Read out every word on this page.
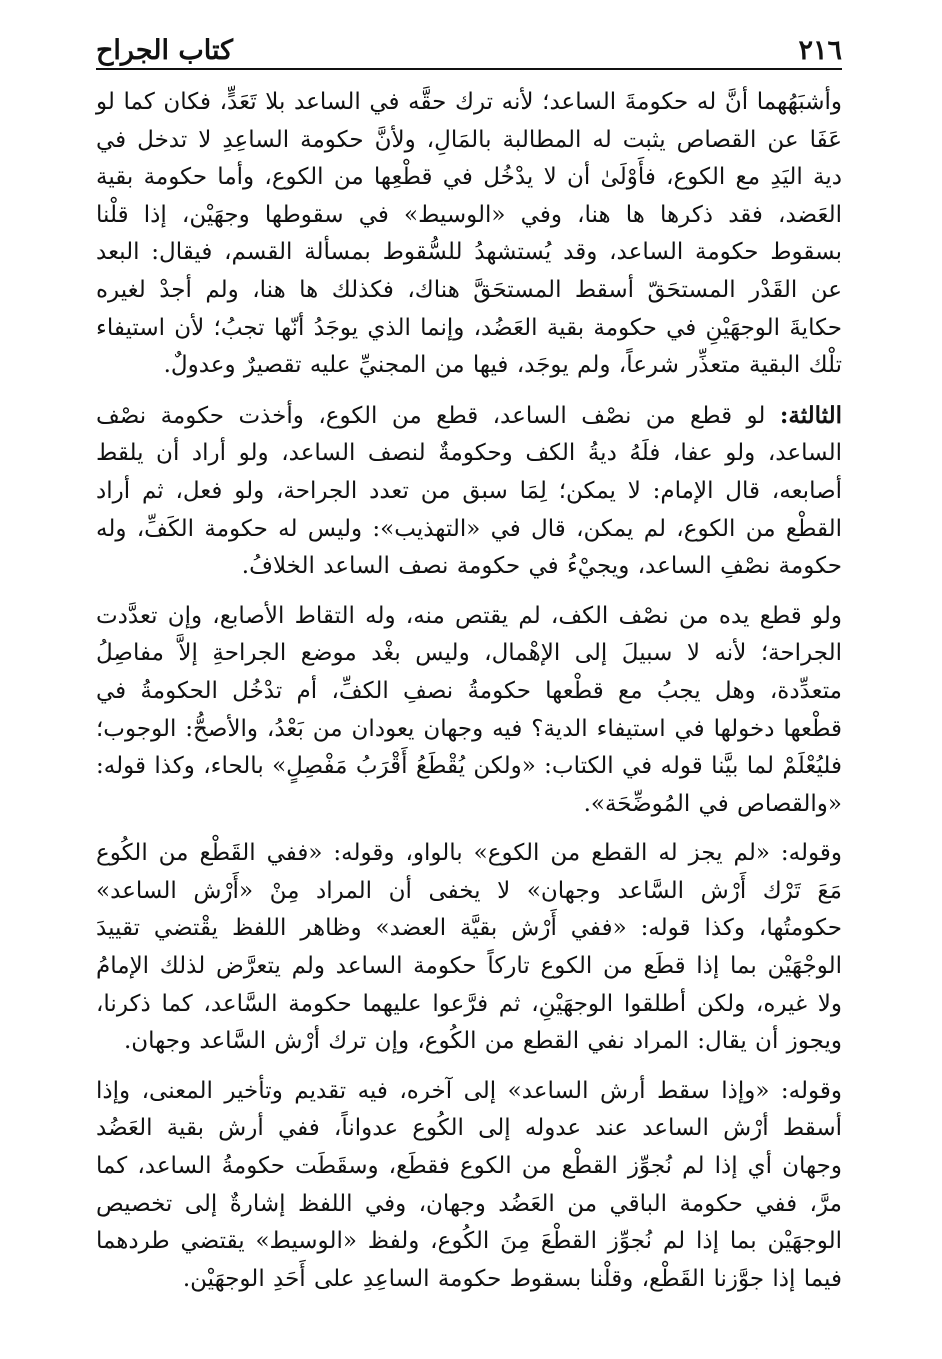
٢١٦
كتاب الجراح

وأشبَهُهما أنَّ له حكومةَ الساعد؛ لأنه ترك حقَّه في الساعد بلا تَعَدٍّ، فكان كما لو عَفَا عن القصاص يثبت له المطالبة بالمَالِ، ولأنَّ حكومة الساعِدِ لا تدخل في دية اليَدِ مع الكوع، فأَوْلَىٰ أن لا يدْخُل في قطْعِها من الكوع، وأما حكومة بقية العَضد، فقد ذكرها ها هنا، وفي «الوسيط» في سقوطها وجهَيْن، إذا قلْنا بسقوط حكومة الساعد، وقد يُستشهدُ للسُّقوط بمسألة القسم، فيقال: البعد عن القَدْر المستحَقّ أسقط المستحَقَّ هناك، فكذلك ها هنا، ولم أجدْ لغيره حكايةَ الوجهَيْنِ في حكومة بقية العَضُد، وإنما الذي يوجَدُ أنّها تجبُ؛ لأن استيفاء تلْك البقية متعذِّر شرعاً، ولم يوجَد، فيها من المجنيِّ عليه تقصيرٌ وعدولٌ.

الثالثة: لو قطع من نصْف الساعد، قطع من الكوع، وأخذت حكومة نصْف الساعد، ولو عفا، فلَهُ ديةُ الكف وحكومةٌ لنصف الساعد، ولو أراد أن يلقط أصابعه، قال الإمام: لا يمكن؛ لِمَا سبق من تعدد الجراحة، ولو فعل، ثم أراد القطْع من الكوع، لم يمكن، قال في «التهذيب»: وليس له حكومة الكَفِّ، وله حكومة نصْفِ الساعد، ويجيْءُ في حكومة نصف الساعد الخلافُ.

ولو قطع يده من نصْف الكف، لم يقتص منه، وله التقاط الأصابع، وإن تعدَّدت الجراحة؛ لأنه لا سبيلَ إلى الإهْمال، وليس بغْد موضع الجراحةِ إلاَّ مفاصِلُ متعدِّدة، وهل يجبُ مع قطْعها حكومةُ نصفِ الكفِّ، أم تدْخُل الحكومةُ في قطْعها دخولها في استيفاء الدية؟ فيه وجهان يعودان من بَعْدُ، والأصحُّ: الوجوب؛ فليُعْلَمْ لما بيَّنا قوله في الكتاب: «ولكن يُقْطَعُ أَقْرَبُ مَفْصِلٍ» بالحاء، وكذا قوله: «والقصاص في المُوضِّحَة».

وقوله: «لم يجز له القطع من الكوع» بالواو، وقوله: «ففي القَطْع من الكُوع مَعَ تَرْك أَرْش السَّاعد وجهان» لا يخفى أن المراد مِنْ «أَرْش الساعد» حكومتُها، وكذا قوله: «ففي أَرْش بقيَّة العضد» وظاهر اللفظ يقْتضي تقييدَ الوجْهَيْن بما إذا قطَع من الكوع تاركاً حكومة الساعد ولم يتعرَّض لذلك الإمامُ ولا غيره، ولكن أطلقوا الوجهَيْنِ، ثم فرَّعوا عليهما حكومة السَّاعد، كما ذكرنا، ويجوز أن يقال: المراد نفي القطع من الكُوع، وإن ترك أرْش السَّاعد وجهان.

وقوله: «وإذا سقط أرش الساعد» إلى آخره، فيه تقديم وتأخير المعنى، وإذا أسقط أرْش الساعد عند عدوله إلى الكُوع عدواناً، ففي أرش بقية العَضُد وجهان أي إذا لم نُجوِّز القطْع من الكوع فقطَع، وسقَطَت حكومةُ الساعد، كما مرَّ، ففي حكومة الباقي من العَضُد وجهان، وفي اللفظ إشارةٌ إلى تخصيص الوجهَيْن بما إذا لم نُجوِّز القطْعَ مِنَ الكُوع، ولفظ «الوسيط» يقتضي طردهما فيما إذا جوَّزنا القَطْع، وقلْنا بسقوط حكومة الساعِدِ على أَحَدِ الوجهَيْن.
